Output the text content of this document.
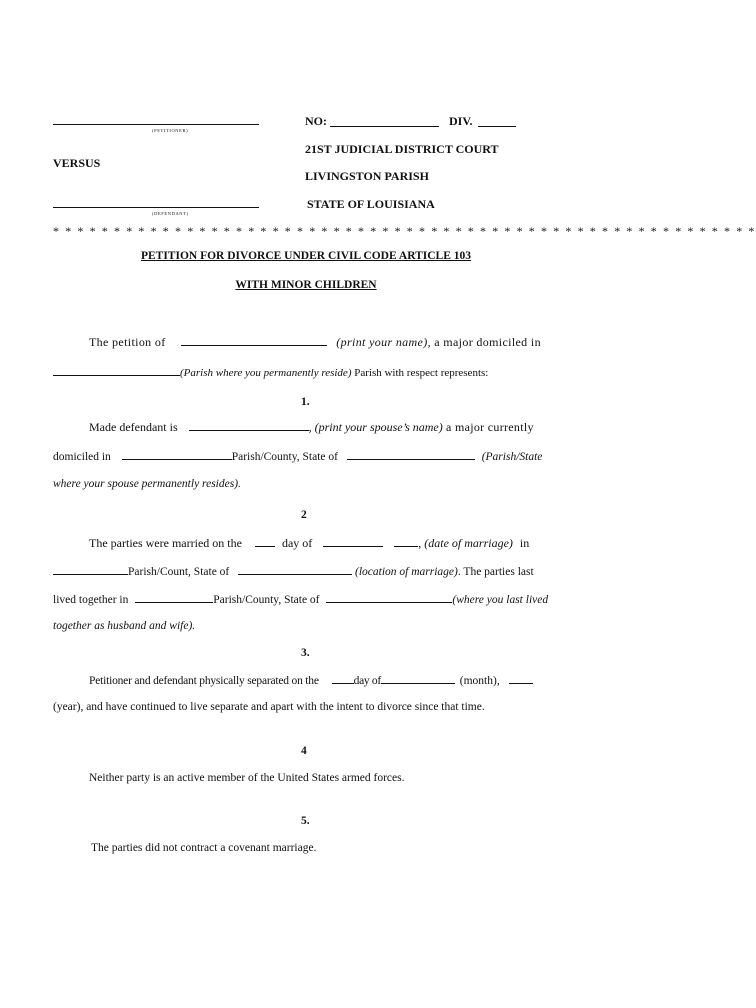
(PETITIONER)
VERSUS
(DEFENDANT)
NO:	DIV.
21ST JUDICIAL DISTRICT COURT
LIVINGSTON PARISH
STATE OF LOUISIANA
* * * * * * * * * * * * * * * * * * * * * * * * * * * * * * * * * * * * * * * * * * * * * * * * * * * * * * * * * *
PETITION FOR DIVORCE UNDER CIVIL CODE ARTICLE 103
WITH MINOR CHILDREN
The petition of	(print your name), a major domiciled in
(Parish where you permanently reside) Parish with respect represents:
1.
Made defendant is	, (print your spouse’s name) a major currently
domiciled in	Parish/County, State of	(Parish/State
where your spouse permanently resides).
2
The parties were married on the	day of	, (date of marriage) in
Parish/Count, State of	(location of marriage). The parties last
lived together in	Parish/County, State of	(where you last lived
together as husband and wife).
3.
Petitioner and defendant physically separated on the	day of	(month),
(year), and have continued to live separate and apart with the intent to divorce since that time.
4
Neither party is an active member of the United States armed forces.
5.
The parties did not contract a covenant marriage.
